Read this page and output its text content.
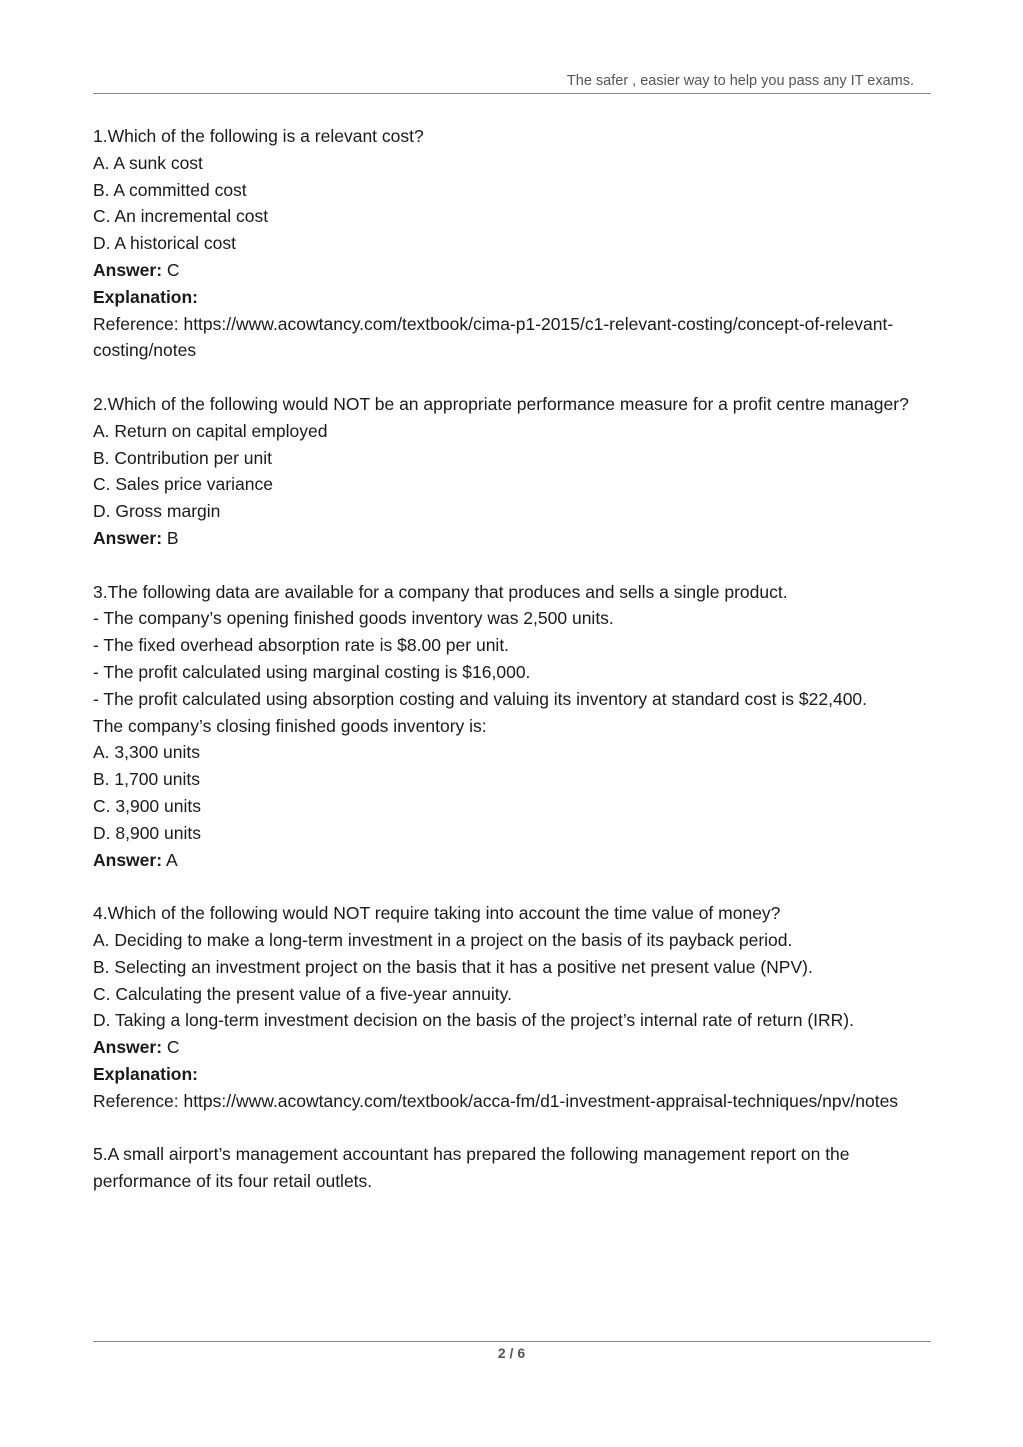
The safer , easier way to help you pass any IT exams.

1.Which of the following is a relevant cost?

A. A sunk cost

B. A committed cost

C. An incremental cost

D. A historical cost

Answer: C

Explanation:

Reference: https://www.acowtancy.com/textbook/cima-p1-2015/c1-relevant-costing/concept-of-relevant-costing/notes

2.Which of the following would NOT be an appropriate performance measure for a profit centre manager?

A. Return on capital employed

B. Contribution per unit

C. Sales price variance

D. Gross margin

Answer: B

3.The following data are available for a company that produces and sells a single product.

- The company’s opening finished goods inventory was 2,500 units.

- The fixed overhead absorption rate is $8.00 per unit.

- The profit calculated using marginal costing is $16,000.

- The profit calculated using absorption costing and valuing its inventory at standard cost is $22,400.

The company’s closing finished goods inventory is:

A. 3,300 units

B. 1,700 units

C. 3,900 units

D. 8,900 units

Answer: A

4.Which of the following would NOT require taking into account the time value of money?

A. Deciding to make a long-term investment in a project on the basis of its payback period.

B. Selecting an investment project on the basis that it has a positive net present value (NPV).

C. Calculating the present value of a five-year annuity.

D. Taking a long-term investment decision on the basis of the project’s internal rate of return (IRR).

Answer: C

Explanation:

Reference: https://www.acowtancy.com/textbook/acca-fm/d1-investment-appraisal-techniques/npv/notes

5.A small airport’s management accountant has prepared the following management report on the performance of its four retail outlets.

2 / 6
